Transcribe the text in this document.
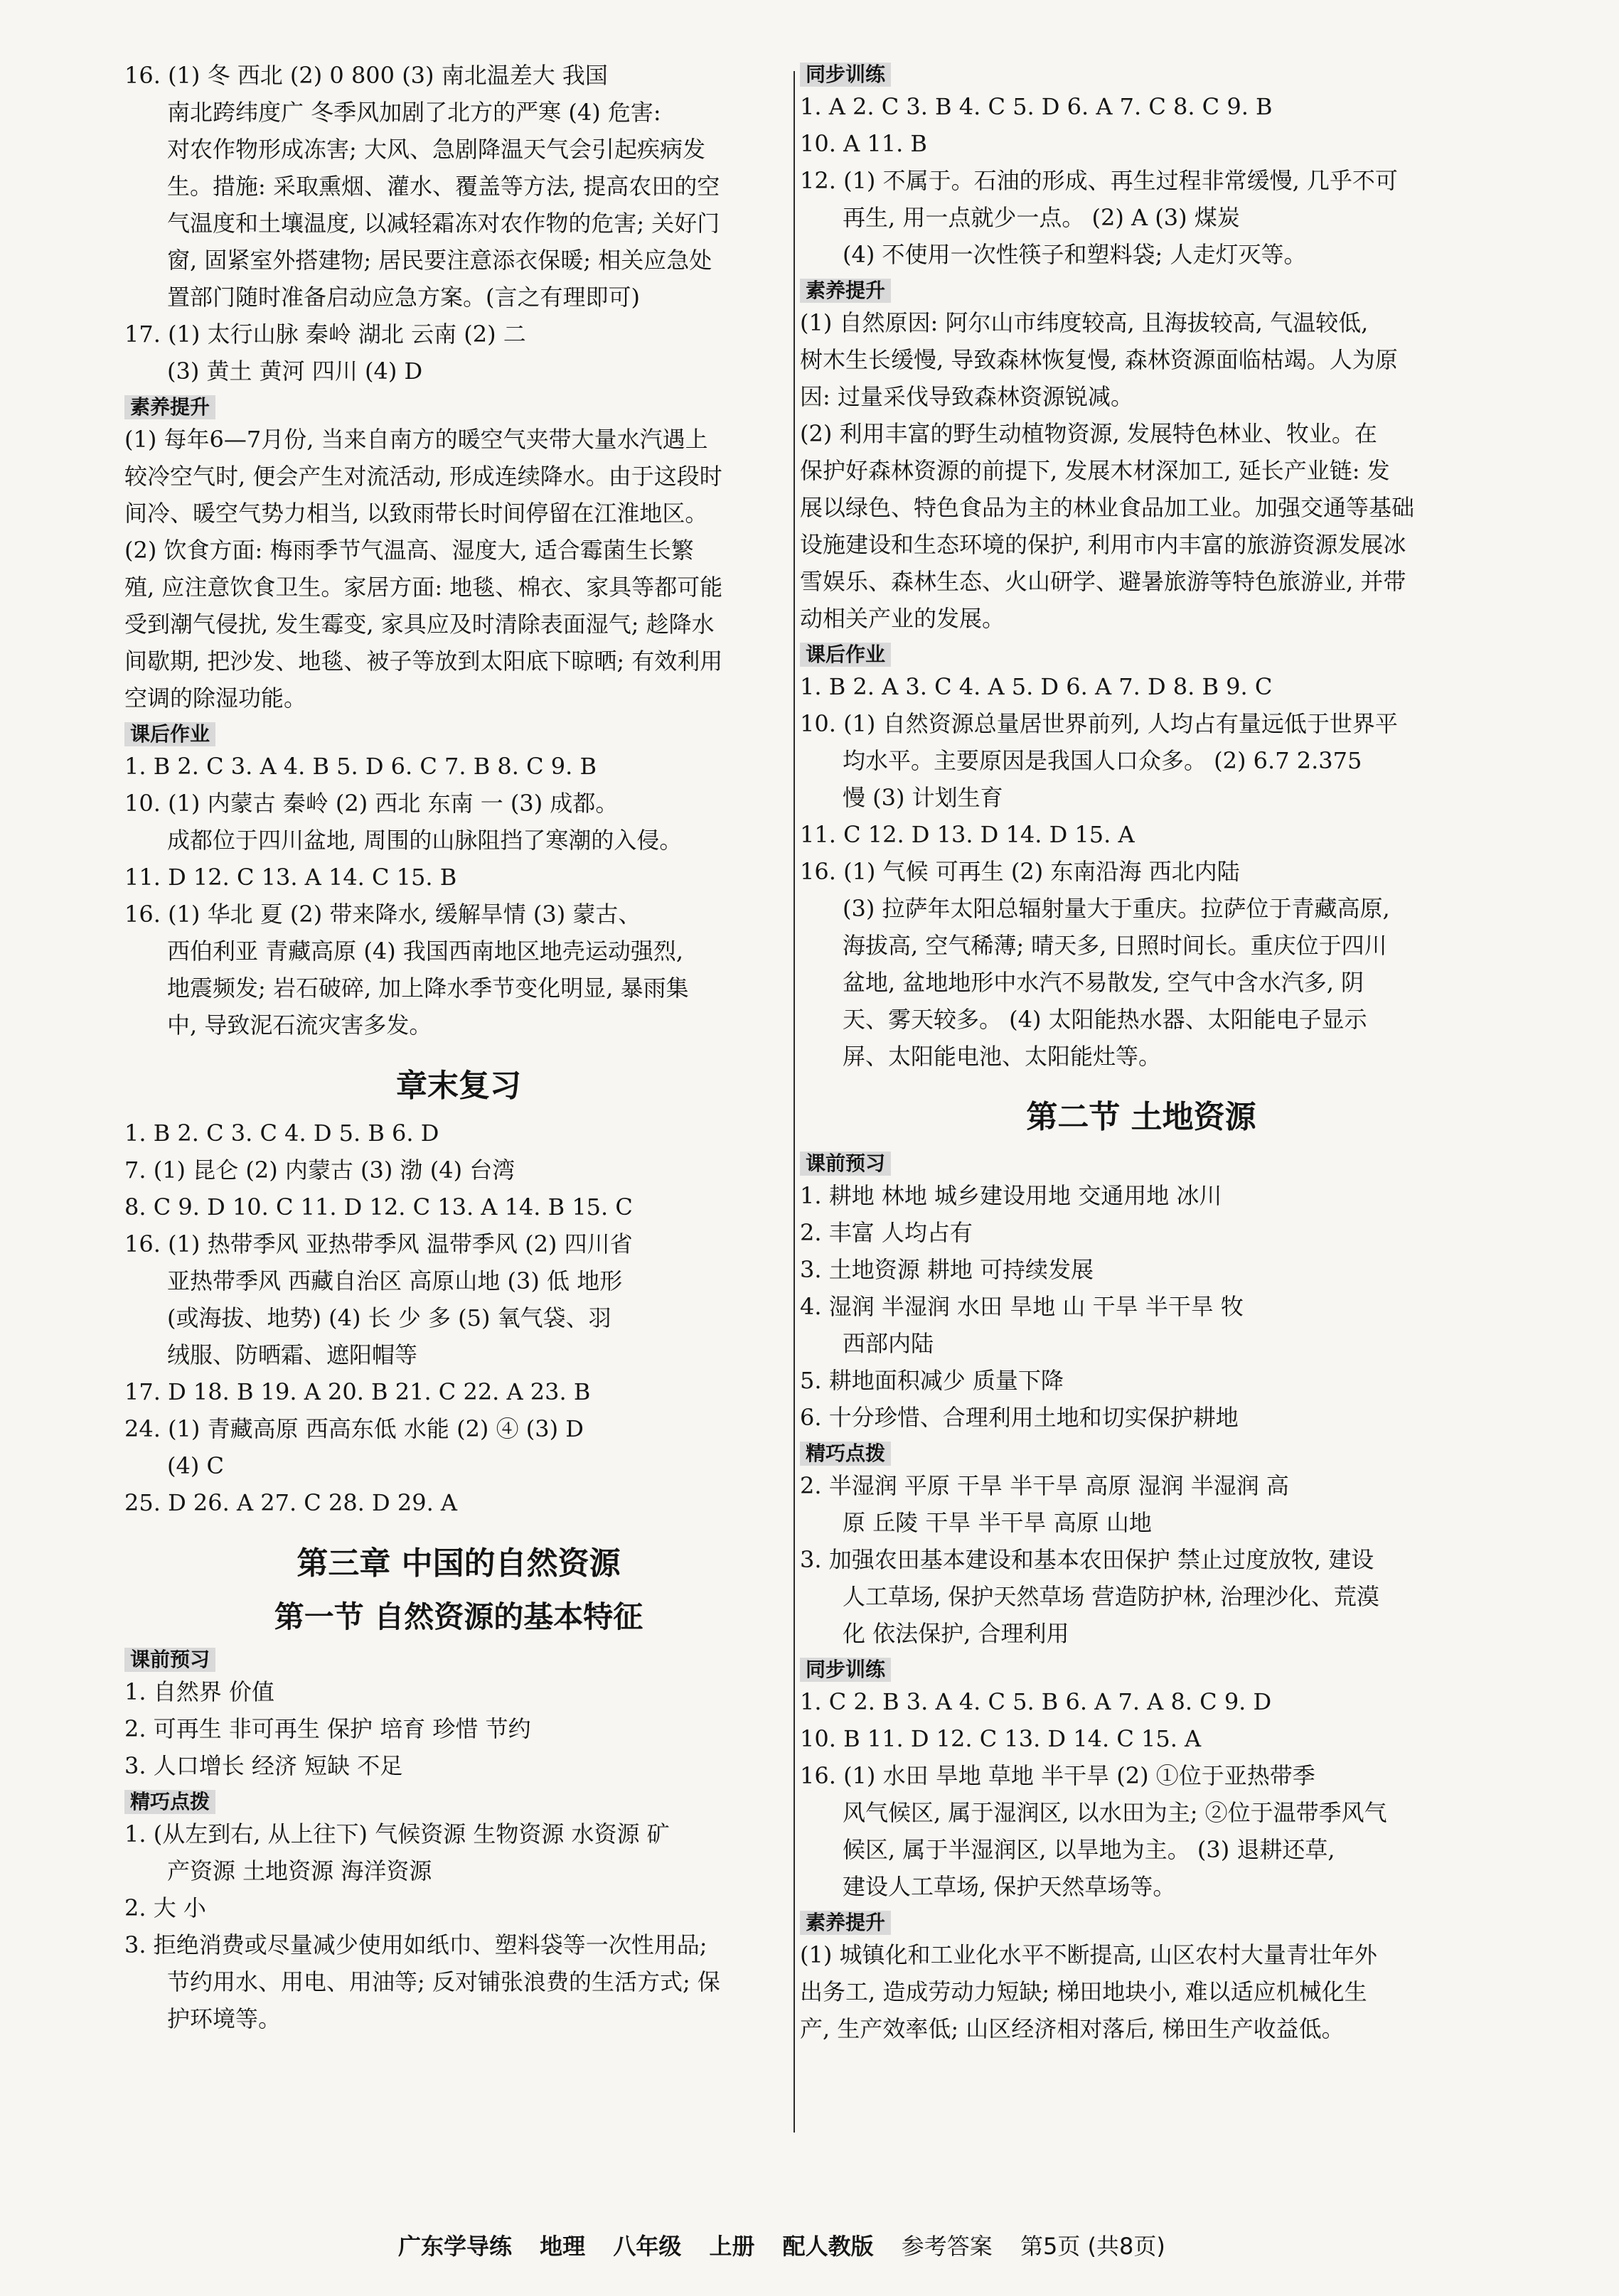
16. (1) 冬 西北 (2) 0 800 (3) 南北温差大 我国
南北跨纬度广 冬季风加剧了北方的严寒 (4) 危害:
对农作物形成冻害; 大风、急剧降温天气会引起疾病发
生。措施: 采取熏烟、灌水、覆盖等方法, 提高农田的空
气温度和土壤温度, 以减轻霜冻对农作物的危害; 关好门
窗, 固紧室外搭建物; 居民要注意添衣保暖; 相关应急处
置部门随时准备启动应急方案。(言之有理即可)
17. (1) 太行山脉 秦岭 湖北 云南 (2) 二
(3) 黄土 黄河 四川 (4) D
素养提升
(1) 每年6—7月份, 当来自南方的暖空气夹带大量水汽遇上
较冷空气时, 便会产生对流活动, 形成连续降水。由于这段时
间冷、暖空气势力相当, 以致雨带长时间停留在江淮地区。
(2) 饮食方面: 梅雨季节气温高、湿度大, 适合霉菌生长繁
殖, 应注意饮食卫生。家居方面: 地毯、棉衣、家具等都可能
受到潮气侵扰, 发生霉变, 家具应及时清除表面湿气; 趁降水
间歇期, 把沙发、地毯、被子等放到太阳底下晾晒; 有效利用
空调的除湿功能。
课后作业
1. B 2. C 3. A 4. B 5. D 6. C 7. B 8. C 9. B
10. (1) 内蒙古 秦岭 (2) 西北 东南 一 (3) 成都。
成都位于四川盆地, 周围的山脉阻挡了寒潮的入侵。
11. D 12. C 13. A 14. C 15. B
16. (1) 华北 夏 (2) 带来降水, 缓解旱情 (3) 蒙古、
西伯利亚 青藏高原 (4) 我国西南地区地壳运动强烈,
地震频发; 岩石破碎, 加上降水季节变化明显, 暴雨集
中, 导致泥石流灾害多发。
章末复习
1. B 2. C 3. C 4. D 5. B 6. D
7. (1) 昆仑 (2) 内蒙古 (3) 渤 (4) 台湾
8. C 9. D 10. C 11. D 12. C 13. A 14. B 15. C
16. (1) 热带季风 亚热带季风 温带季风 (2) 四川省
亚热带季风 西藏自治区 高原山地 (3) 低 地形
(或海拔、地势) (4) 长 少 多 (5) 氧气袋、羽
绒服、防晒霜、遮阳帽等
17. D 18. B 19. A 20. B 21. C 22. A 23. B
24. (1) 青藏高原 西高东低 水能 (2) ④ (3) D
(4) C
25. D 26. A 27. C 28. D 29. A
第三章 中国的自然资源
第一节 自然资源的基本特征
课前预习
1. 自然界 价值
2. 可再生 非可再生 保护 培育 珍惜 节约
3. 人口增长 经济 短缺 不足
精巧点拨
1. (从左到右, 从上往下) 气候资源 生物资源 水资源 矿
产资源 土地资源 海洋资源
2. 大 小
3. 拒绝消费或尽量减少使用如纸巾、塑料袋等一次性用品;
节约用水、用电、用油等; 反对铺张浪费的生活方式; 保
护环境等。
同步训练
1. A 2. C 3. B 4. C 5. D 6. A 7. C 8. C 9. B
10. A 11. B
12. (1) 不属于。石油的形成、再生过程非常缓慢, 几乎不可
再生, 用一点就少一点。 (2) A (3) 煤炭
(4) 不使用一次性筷子和塑料袋; 人走灯灭等。
素养提升
(1) 自然原因: 阿尔山市纬度较高, 且海拔较高, 气温较低,
树木生长缓慢, 导致森林恢复慢, 森林资源面临枯竭。人为原
因: 过量采伐导致森林资源锐减。
(2) 利用丰富的野生动植物资源, 发展特色林业、牧业。在
保护好森林资源的前提下, 发展木材深加工, 延长产业链: 发
展以绿色、特色食品为主的林业食品加工业。加强交通等基础
设施建设和生态环境的保护, 利用市内丰富的旅游资源发展冰
雪娱乐、森林生态、火山研学、避暑旅游等特色旅游业, 并带
动相关产业的发展。
课后作业
1. B 2. A 3. C 4. A 5. D 6. A 7. D 8. B 9. C
10. (1) 自然资源总量居世界前列, 人均占有量远低于世界平
均水平。主要原因是我国人口众多。 (2) 6.7 2.375
慢 (3) 计划生育
11. C 12. D 13. D 14. D 15. A
16. (1) 气候 可再生 (2) 东南沿海 西北内陆
(3) 拉萨年太阳总辐射量大于重庆。拉萨位于青藏高原,
海拔高, 空气稀薄; 晴天多, 日照时间长。重庆位于四川
盆地, 盆地地形中水汽不易散发, 空气中含水汽多, 阴
天、雾天较多。 (4) 太阳能热水器、太阳能电子显示
屏、太阳能电池、太阳能灶等。
第二节 土地资源
课前预习
1. 耕地 林地 城乡建设用地 交通用地 冰川
2. 丰富 人均占有
3. 土地资源 耕地 可持续发展
4. 湿润 半湿润 水田 旱地 山 干旱 半干旱 牧
西部内陆
5. 耕地面积减少 质量下降
6. 十分珍惜、合理利用土地和切实保护耕地
精巧点拨
2. 半湿润 平原 干旱 半干旱 高原 湿润 半湿润 高
原 丘陵 干旱 半干旱 高原 山地
3. 加强农田基本建设和基本农田保护 禁止过度放牧, 建设
人工草场, 保护天然草场 营造防护林, 治理沙化、荒漠
化 依法保护, 合理利用
同步训练
1. C 2. B 3. A 4. C 5. B 6. A 7. A 8. C 9. D
10. B 11. D 12. C 13. D 14. C 15. A
16. (1) 水田 旱地 草地 半干旱 (2) ①位于亚热带季
风气候区, 属于湿润区, 以水田为主; ②位于温带季风气
候区, 属于半湿润区, 以旱地为主。 (3) 退耕还草,
建设人工草场, 保护天然草场等。
素养提升
(1) 城镇化和工业化水平不断提高, 山区农村大量青壮年外
出务工, 造成劳动力短缺; 梯田地块小, 难以适应机械化生
产, 生产效率低; 山区经济相对落后, 梯田生产收益低。
广东学导练 地理 八年级 上册 配人教版 参考答案 第5页 (共8页)
